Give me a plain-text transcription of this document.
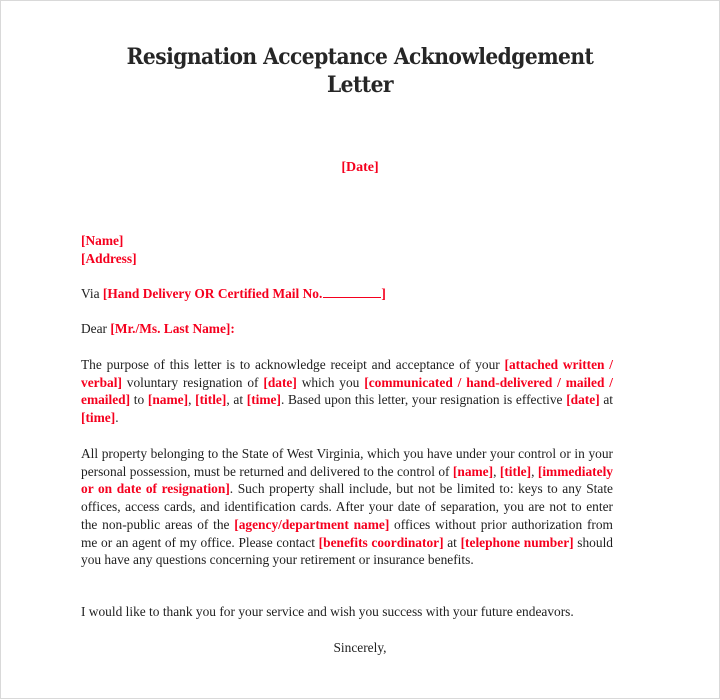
Resignation Acceptance Acknowledgement
Letter
[Date]
[Name]
[Address]
Via [Hand Delivery OR Certified Mail No.	]
Dear [Mr./Ms. Last Name]:
The purpose of this letter is to acknowledge receipt and acceptance of your [attached written / verbal] voluntary resignation of [date] which you [communicated / hand-delivered / mailed / emailed] to [name], [title], at [time]. Based upon this letter, your resignation is effective [date] at [time].
All property belonging to the State of West Virginia, which you have under your control or in your personal possession, must be returned and delivered to the control of [name], [title], [immediately or on date of resignation]. Such property shall include, but not be limited to: keys to any State offices, access cards, and identification cards. After your date of separation, you are not to enter the non-public areas of the [agency/department name] offices without prior authorization from me or an agent of my office. Please contact [benefits coordinator] at [telephone number] should you have any questions concerning your retirement or insurance benefits.
I would like to thank you for your service and wish you success with your future endeavors.
Sincerely,
